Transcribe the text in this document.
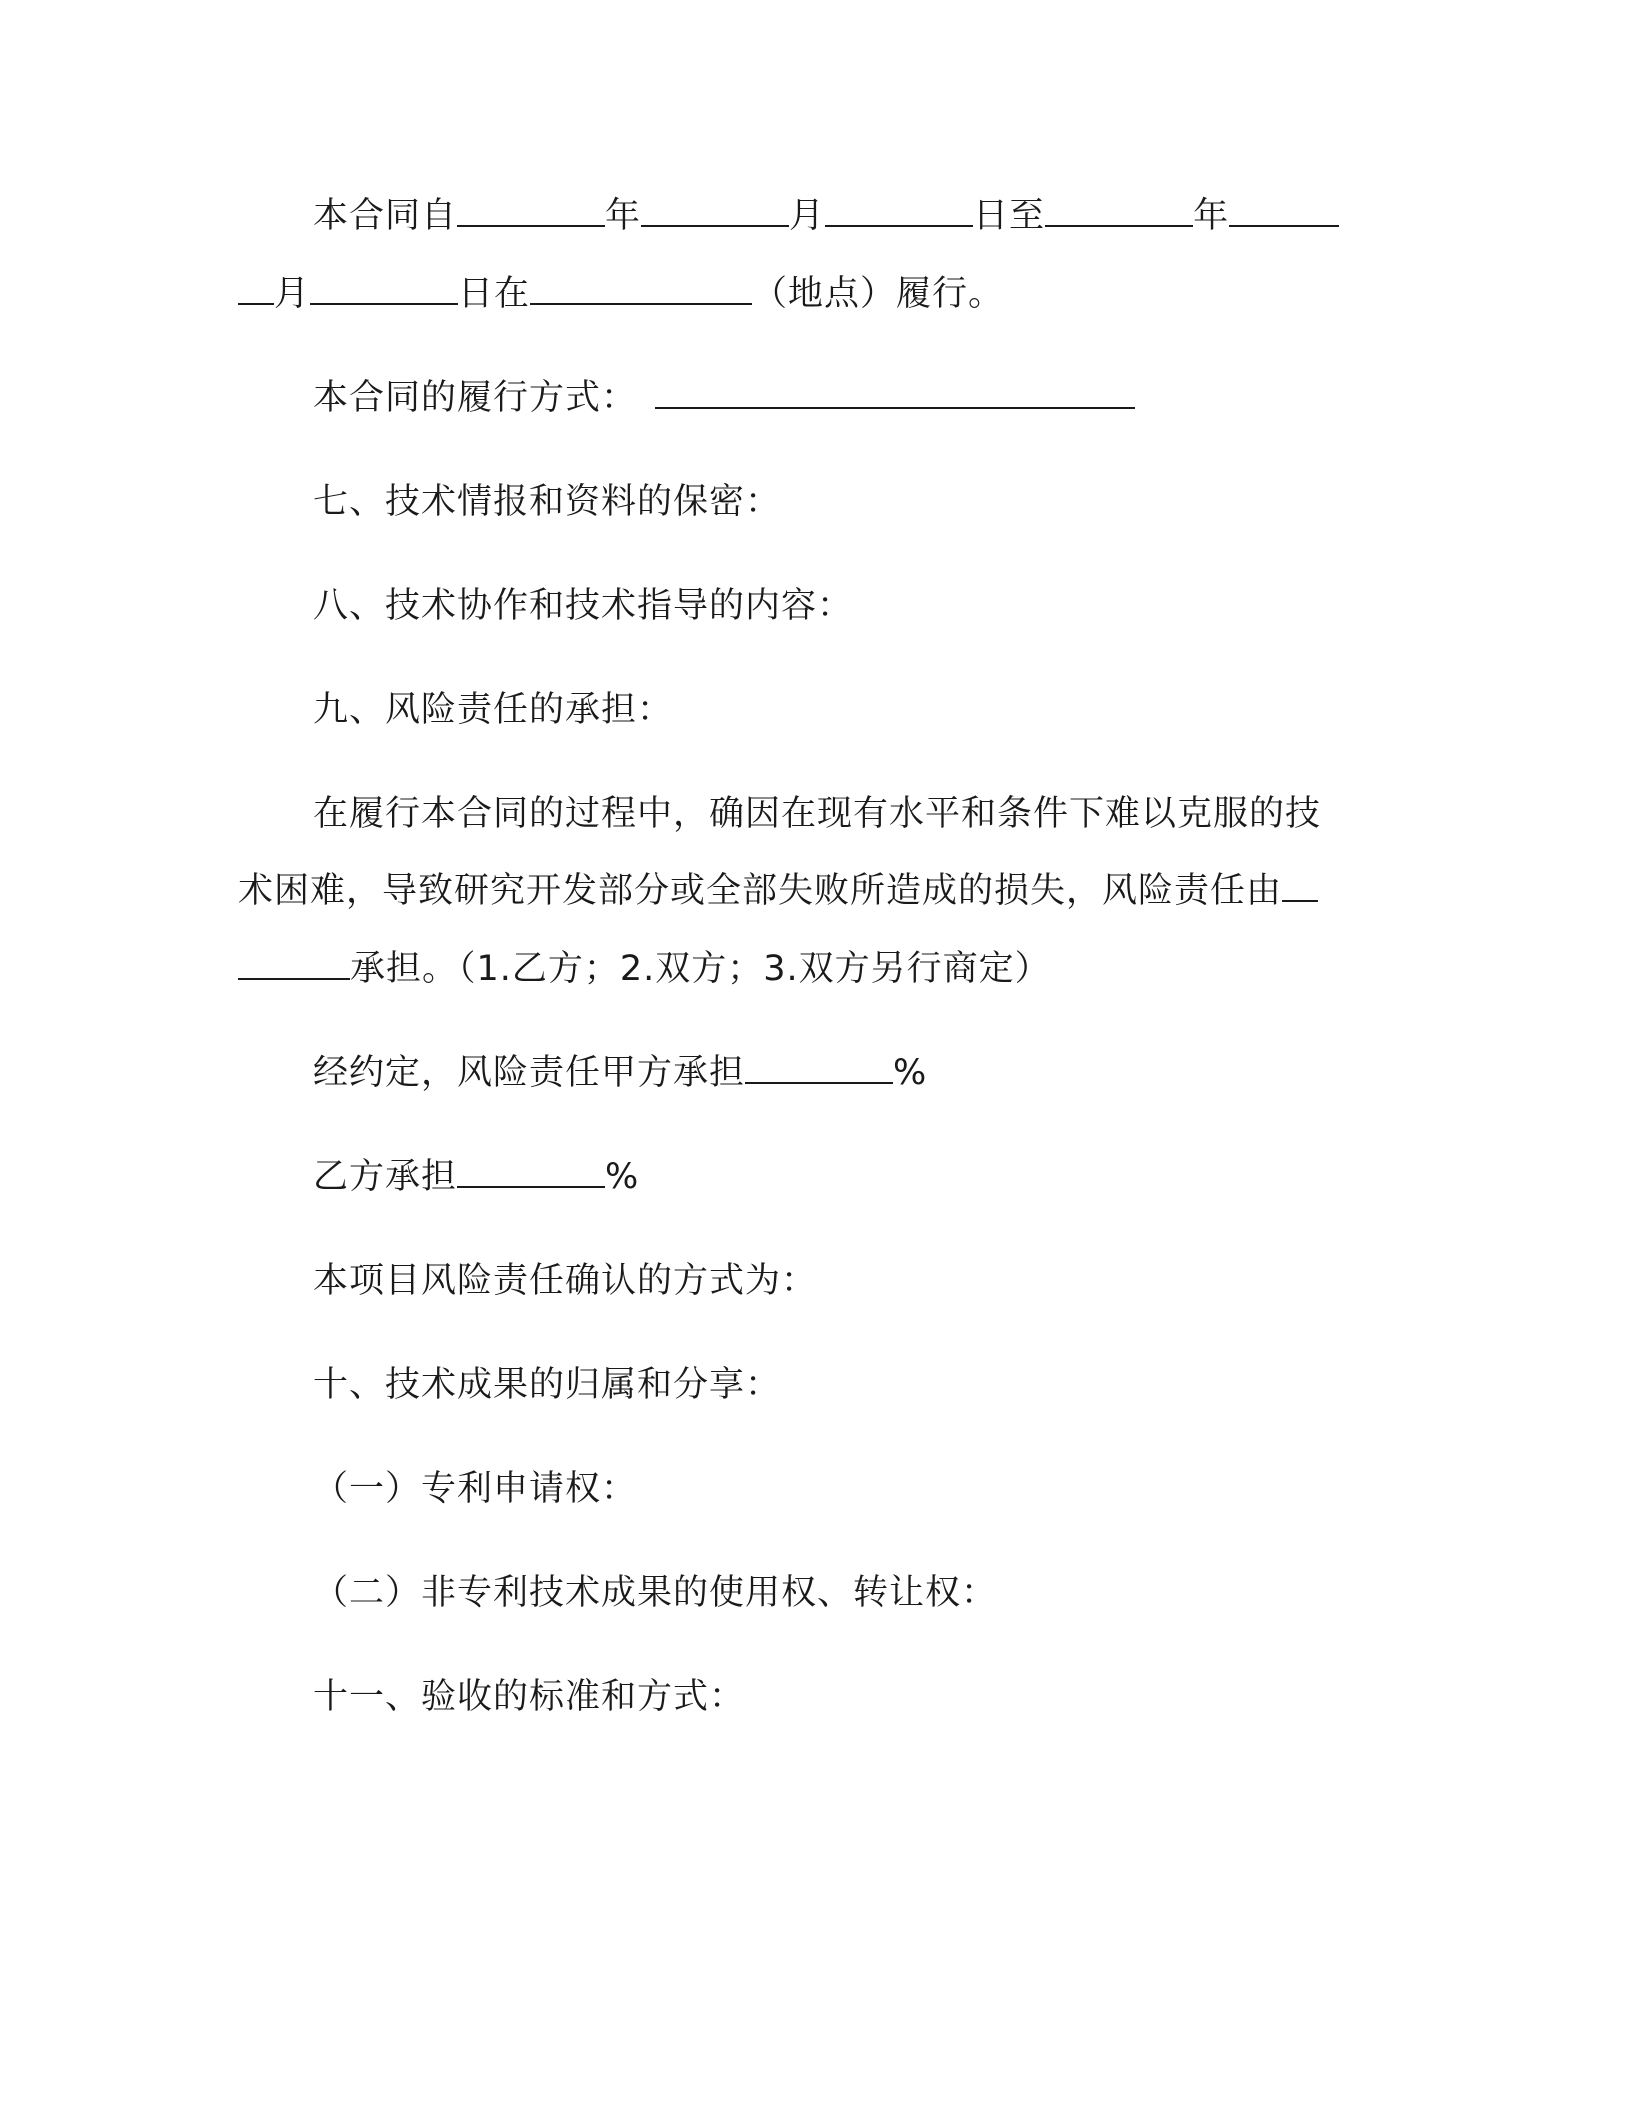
本合同自	年	月	日至	年
月	日在	（地点）履行。
本合同的履行方式：
七、技术情报和资料的保密：
八、技术协作和技术指导的内容：
九、风险责任的承担：
在履行本合同的过程中，确因在现有水平和条件下难以克服的技
术困难，导致研究开发部分或全部失败所造成的损失，风险责任由
承担。（1.乙方；2.双方；3.双方另行商定）
经约定，风险责任甲方承担	%
乙方承担	%
本项目风险责任确认的方式为：
十、技术成果的归属和分享：
（一）专利申请权：
（二）非专利技术成果的使用权、转让权：
十一、验收的标准和方式：
